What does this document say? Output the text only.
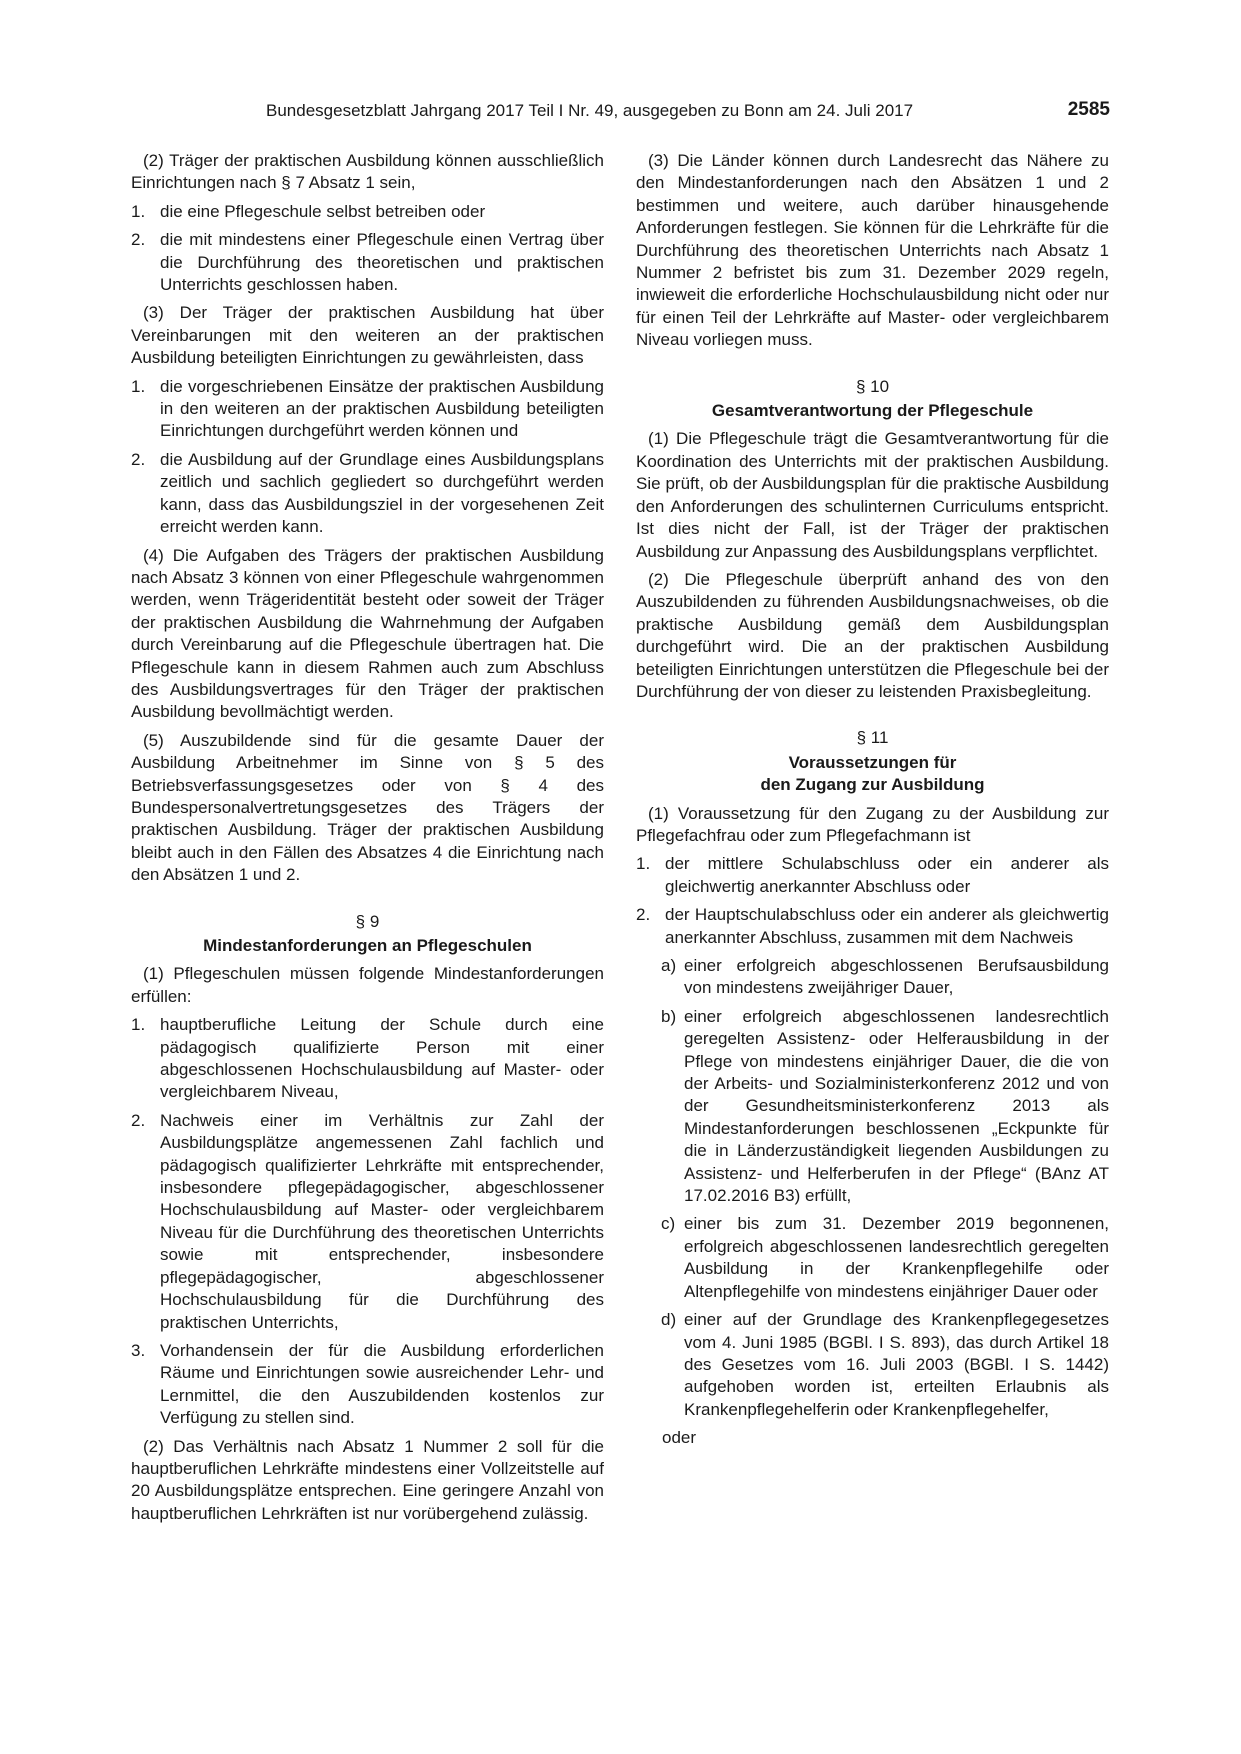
Bundesgesetzblatt Jahrgang 2017 Teil I Nr. 49, ausgegeben zu Bonn am 24. Juli 2017	2585

(2) Träger der praktischen Ausbildung können ausschließlich Einrichtungen nach § 7 Absatz 1 sein,

1. die eine Pflegeschule selbst betreiben oder
2. die mit mindestens einer Pflegeschule einen Vertrag über die Durchführung des theoretischen und praktischen Unterrichts geschlossen haben.

(3) Der Träger der praktischen Ausbildung hat über Vereinbarungen mit den weiteren an der praktischen Ausbildung beteiligten Einrichtungen zu gewährleisten, dass

1. die vorgeschriebenen Einsätze der praktischen Ausbildung in den weiteren an der praktischen Ausbildung beteiligten Einrichtungen durchgeführt werden können und
2. die Ausbildung auf der Grundlage eines Ausbildungsplans zeitlich und sachlich gegliedert so durchgeführt werden kann, dass das Ausbildungsziel in der vorgesehenen Zeit erreicht werden kann.

(4) Die Aufgaben des Trägers der praktischen Ausbildung nach Absatz 3 können von einer Pflegeschule wahrgenommen werden, wenn Trägeridentität besteht oder soweit der Träger der praktischen Ausbildung die Wahrnehmung der Aufgaben durch Vereinbarung auf die Pflegeschule übertragen hat. Die Pflegeschule kann in diesem Rahmen auch zum Abschluss des Ausbildungsvertrages für den Träger der praktischen Ausbildung bevollmächtigt werden.

(5) Auszubildende sind für die gesamte Dauer der Ausbildung Arbeitnehmer im Sinne von § 5 des Betriebsverfassungsgesetzes oder von § 4 des Bundespersonalvertretungsgesetzes des Trägers der praktischen Ausbildung. Träger der praktischen Ausbildung bleibt auch in den Fällen des Absatzes 4 die Einrichtung nach den Absätzen 1 und 2.

§ 9
Mindestanforderungen an Pflegeschulen

(1) Pflegeschulen müssen folgende Mindestanforderungen erfüllen:

1. hauptberufliche Leitung der Schule durch eine pädagogisch qualifizierte Person mit einer abgeschlossenen Hochschulausbildung auf Master- oder vergleichbarem Niveau,
2. Nachweis einer im Verhältnis zur Zahl der Ausbildungsplätze angemessenen Zahl fachlich und pädagogisch qualifizierter Lehrkräfte mit entsprechender, insbesondere pflegepädagogischer, abgeschlossener Hochschulausbildung auf Master- oder vergleichbarem Niveau für die Durchführung des theoretischen Unterrichts sowie mit entsprechender, insbesondere pflegepädagogischer, abgeschlossener Hochschulausbildung für die Durchführung des praktischen Unterrichts,
3. Vorhandensein der für die Ausbildung erforderlichen Räume und Einrichtungen sowie ausreichender Lehr- und Lernmittel, die den Auszubildenden kostenlos zur Verfügung zu stellen sind.

(2) Das Verhältnis nach Absatz 1 Nummer 2 soll für die hauptberuflichen Lehrkräfte mindestens einer Vollzeitstelle auf 20 Ausbildungsplätze entsprechen. Eine geringere Anzahl von hauptberuflichen Lehrkräften ist nur vorübergehend zulässig.

(3) Die Länder können durch Landesrecht das Nähere zu den Mindestanforderungen nach den Absätzen 1 und 2 bestimmen und weitere, auch darüber hinausgehende Anforderungen festlegen. Sie können für die Lehrkräfte für die Durchführung des theoretischen Unterrichts nach Absatz 1 Nummer 2 befristet bis zum 31. Dezember 2029 regeln, inwieweit die erforderliche Hochschulausbildung nicht oder nur für einen Teil der Lehrkräfte auf Master- oder vergleichbarem Niveau vorliegen muss.

§ 10
Gesamtverantwortung der Pflegeschule

(1) Die Pflegeschule trägt die Gesamtverantwortung für die Koordination des Unterrichts mit der praktischen Ausbildung. Sie prüft, ob der Ausbildungsplan für die praktische Ausbildung den Anforderungen des schulinternen Curriculums entspricht. Ist dies nicht der Fall, ist der Träger der praktischen Ausbildung zur Anpassung des Ausbildungsplans verpflichtet.

(2) Die Pflegeschule überprüft anhand des von den Auszubildenden zu führenden Ausbildungsnachweises, ob die praktische Ausbildung gemäß dem Ausbildungsplan durchgeführt wird. Die an der praktischen Ausbildung beteiligten Einrichtungen unterstützen die Pflegeschule bei der Durchführung der von dieser zu leistenden Praxisbegleitung.

§ 11
Voraussetzungen für
den Zugang zur Ausbildung

(1) Voraussetzung für den Zugang zu der Ausbildung zur Pflegefachfrau oder zum Pflegefachmann ist

1. der mittlere Schulabschluss oder ein anderer als gleichwertig anerkannter Abschluss oder
2. der Hauptschulabschluss oder ein anderer als gleichwertig anerkannter Abschluss, zusammen mit dem Nachweis
a) einer erfolgreich abgeschlossenen Berufsausbildung von mindestens zweijähriger Dauer,
b) einer erfolgreich abgeschlossenen landesrechtlich geregelten Assistenz- oder Helferausbildung in der Pflege von mindestens einjähriger Dauer, die die von der Arbeits- und Sozialministerkonferenz 2012 und von der Gesundheitsministerkonferenz 2013 als Mindestanforderungen beschlossenen „Eckpunkte für die in Länderzuständigkeit liegenden Ausbildungen zu Assistenz- und Helferberufen in der Pflege“ (BAnz AT 17.02.2016 B3) erfüllt,
c) einer bis zum 31. Dezember 2019 begonnenen, erfolgreich abgeschlossenen landesrechtlich geregelten Ausbildung in der Krankenpflegehilfe oder Altenpflegehilfe von mindestens einjähriger Dauer oder
d) einer auf der Grundlage des Krankenpflegegesetzes vom 4. Juni 1985 (BGBl. I S. 893), das durch Artikel 18 des Gesetzes vom 16. Juli 2003 (BGBl. I S. 1442) aufgehoben worden ist, erteilten Erlaubnis als Krankenpflegehelferin oder Krankenpflegehelfer,
oder
